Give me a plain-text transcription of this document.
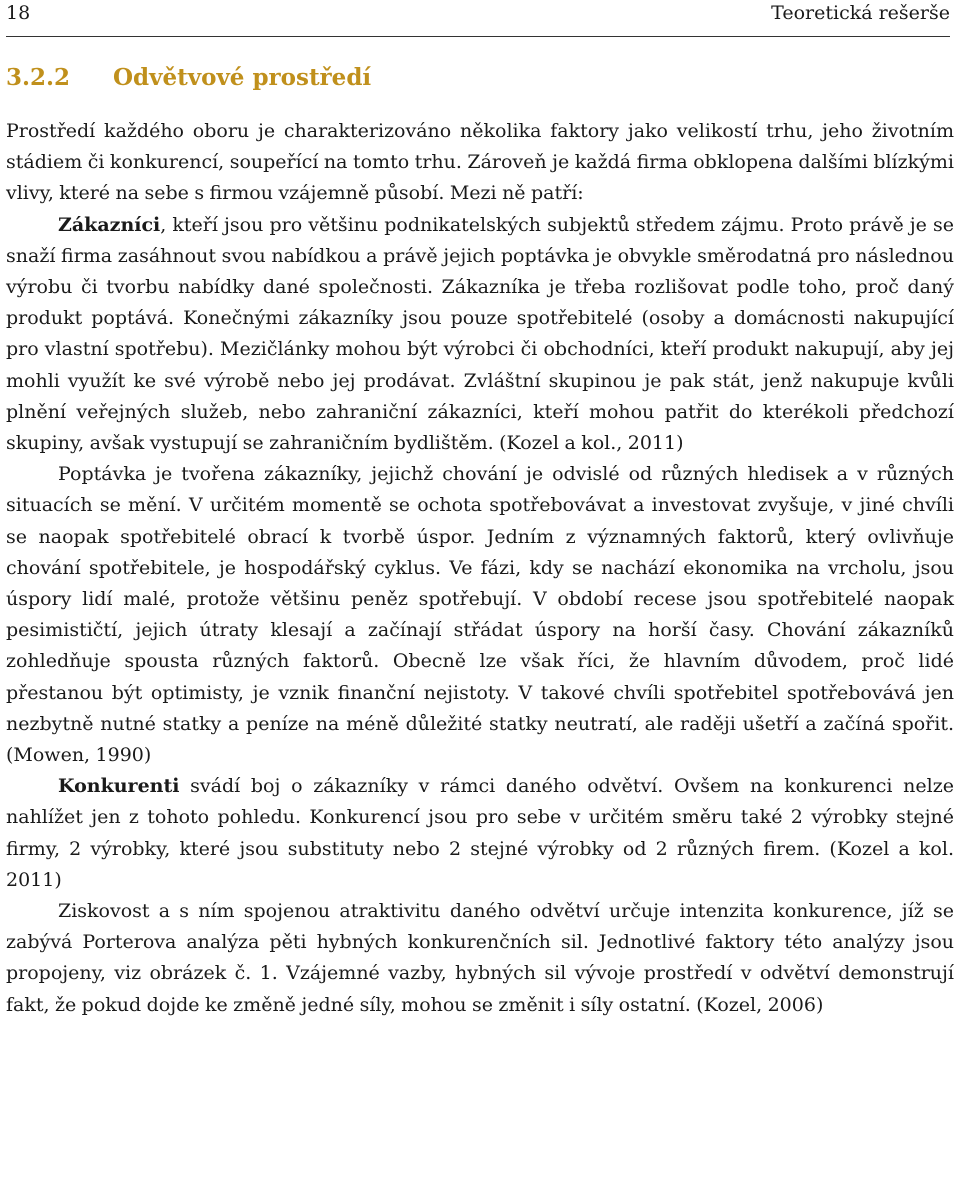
18	Teoretická rešerše
3.2.2 Odvětvové prostředí

Prostředí každého oboru je charakterizováno několika faktory jako velikostí trhu, jeho životním stádiem či konkurencí, soupeřící na tomto trhu. Zároveň je každá firma obklopena dalšími blízkými vlivy, které na sebe s firmou vzájemně působí. Mezi ně patří:

Zákazníci, kteří jsou pro většinu podnikatelských subjektů středem zájmu. Proto právě je se snaží firma zasáhnout svou nabídkou a právě jejich poptávka je obvykle směrodatná pro následnou výrobu či tvorbu nabídky dané společnosti. Zákazníka je třeba rozlišovat podle toho, proč daný produkt poptává. Konečnými zákazníky jsou pouze spotřebitelé (osoby a domácnosti nakupující pro vlastní spotřebu). Mezičlánky mohou být výrobci či obchodníci, kteří produkt nakupují, aby jej mohli využít ke své výrobě nebo jej prodávat. Zvláštní skupinou je pak stát, jenž nakupuje kvůli plnění veřejných služeb, nebo zahraniční zákazníci, kteří mohou patřit do kterékoli předchozí skupiny, avšak vystupují se zahraničním bydlištěm. (Kozel a kol., 2011)

Poptávka je tvořena zákazníky, jejichž chování je odvislé od různých hledisek a v různých situacích se mění. V určitém momentě se ochota spotřebovávat a investovat zvyšuje, v jiné chvíli se naopak spotřebitelé obrací k tvorbě úspor. Jedním z významných faktorů, který ovlivňuje chování spotřebitele, je hospodářský cyklus. Ve fázi, kdy se nachází ekonomika na vrcholu, jsou úspory lidí malé, protože většinu peněz spotřebují. V období recese jsou spotřebitelé naopak pesimističtí, jejich útraty klesají a začínají střádat úspory na horší časy. Chování zákazníků zohledňuje spousta různých faktorů. Obecně lze však říci, že hlavním důvodem, proč lidé přestanou být optimisty, je vznik finanční nejistoty. V takové chvíli spotřebitel spotřebovává jen nezbytně nutné statky a peníze na méně důležité statky neutratí, ale raději ušetří a začíná spořit. (Mowen, 1990)

Konkurenti svádí boj o zákazníky v rámci daného odvětví. Ovšem na konkurenci nelze nahlížet jen z tohoto pohledu. Konkurencí jsou pro sebe v určitém směru také 2 výrobky stejné firmy, 2 výrobky, které jsou substituty nebo 2 stejné výrobky od 2 různých firem. (Kozel a kol. 2011)

Ziskovost a s ním spojenou atraktivitu daného odvětví určuje intenzita konkurence, jíž se zabývá Porterova analýza pěti hybných konkurenčních sil. Jednotlivé faktory této analýzy jsou propojeny, viz obrázek č. 1. Vzájemné vazby, hybných sil vývoje prostředí v odvětví demonstrují fakt, že pokud dojde ke změně jedné síly, mohou se změnit i síly ostatní. (Kozel, 2006)
